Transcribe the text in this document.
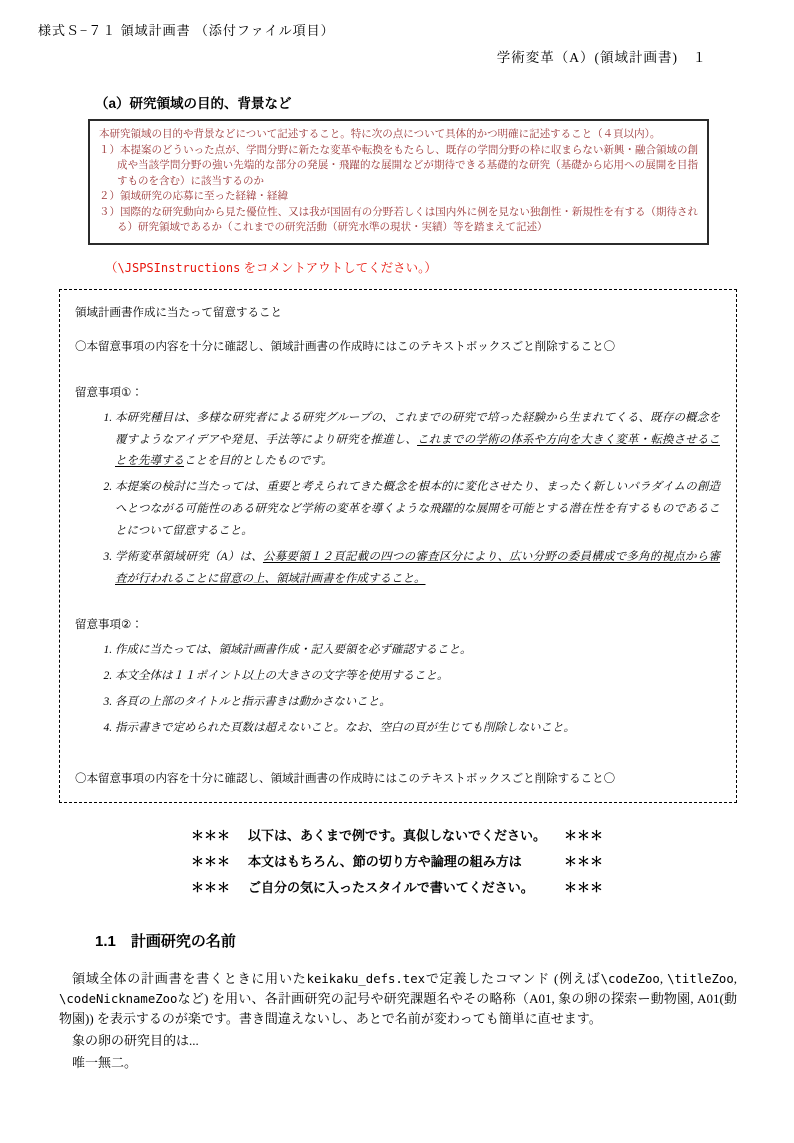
様式Ｓ−７１ 領域計画書 （添付ファイル項目）
学術変革（A）(領域計画書)　１
（a）研究領域の目的、背景など
本研究領域の目的や背景などについて記述すること。特に次の点について具体的かつ明確に記述すること（４頁以内）。
１）本提案のどういった点が、学問分野に新たな変革や転換をもたらし、既存の学問分野の枠に収まらない新興・融合領域の創成や当該学問分野の強い先端的な部分の発展・飛躍的な展開などが期待できる基礎的な研究（基礎から応用への展開を目指すものを含む）に該当するのか
２）領域研究の応募に至った経緯・経緯
３）国際的な研究動向から見た優位性、又は我が国固有の分野若しくは国内外に例を見ない独創性・新規性を有する（期待される）研究領域であるか（これまでの研究活動（研究水準の現状・実績）等を踏まえて記述）
（\JSPSInstructions をコメントアウトしてください。）
領域計画書作成に当たって留意すること
〇本留意事項の内容を十分に確認し、領域計画書の作成時にはこのテキストボックスごと削除すること〇
留意事項①：
1. 本研究種目は、多様な研究者による研究グループの、これまでの研究で培った経験から生まれてくる、既存の概念を覆すようなアイデアや発見、手法等により研究を推進し、これまでの学術の体系や方向を大きく変革・転換させることを先導することを目的としたものです。
2. 本提案の検討に当たっては、重要と考えられてきた概念を根本的に変化させたり、まったく新しいパラダイムの創造へとつながる可能性のある研究など学術の変革を導くような飛躍的な展開を可能とする潜在性を有するものであることについて留意すること。
3. 学術変革領域研究（A）は、公募要領１２頁記載の四つの審査区分により、広い分野の委員構成で多角的視点から審査が行われることに留意の上、領域計画書を作成すること。
留意事項②：
1. 作成に当たっては、領域計画書作成・記入要領を必ず確認すること。
2. 本文全体は１１ポイント以上の大きさの文字等を使用すること。
3. 各頁の上部のタイトルと指示書きは動かさないこと。
4. 指示書きで定められた頁数は超えないこと。なお、空白の頁が生じても削除しないこと。
〇本留意事項の内容を十分に確認し、領域計画書の作成時にはこのテキストボックスごと削除すること〇
＊＊＊ 以下は、あくまで例です。真似しないでください。 ＊＊＊
＊＊＊ 本文はもちろん、節の切り方や論理の組み方は	＊＊＊
＊＊＊ ご自分の気に入ったスタイルで書いてください。	＊＊＊
1.1　計画研究の名前

領域全体の計画書を書くときに用いたkeikaku_defs.texで定義したコマンド (例えば\codeZoo, \titleZoo, \codeNicknameZooなど) を用い、各計画研究の記号や研究課題名やその略称（A01, 象の卵の探索ー動物園, A01(動物園)) を表示するのが楽です。書き間違えないし、あとで名前が変わっても簡単に直せます。

象の卵の研究目的は...

唯一無二。
